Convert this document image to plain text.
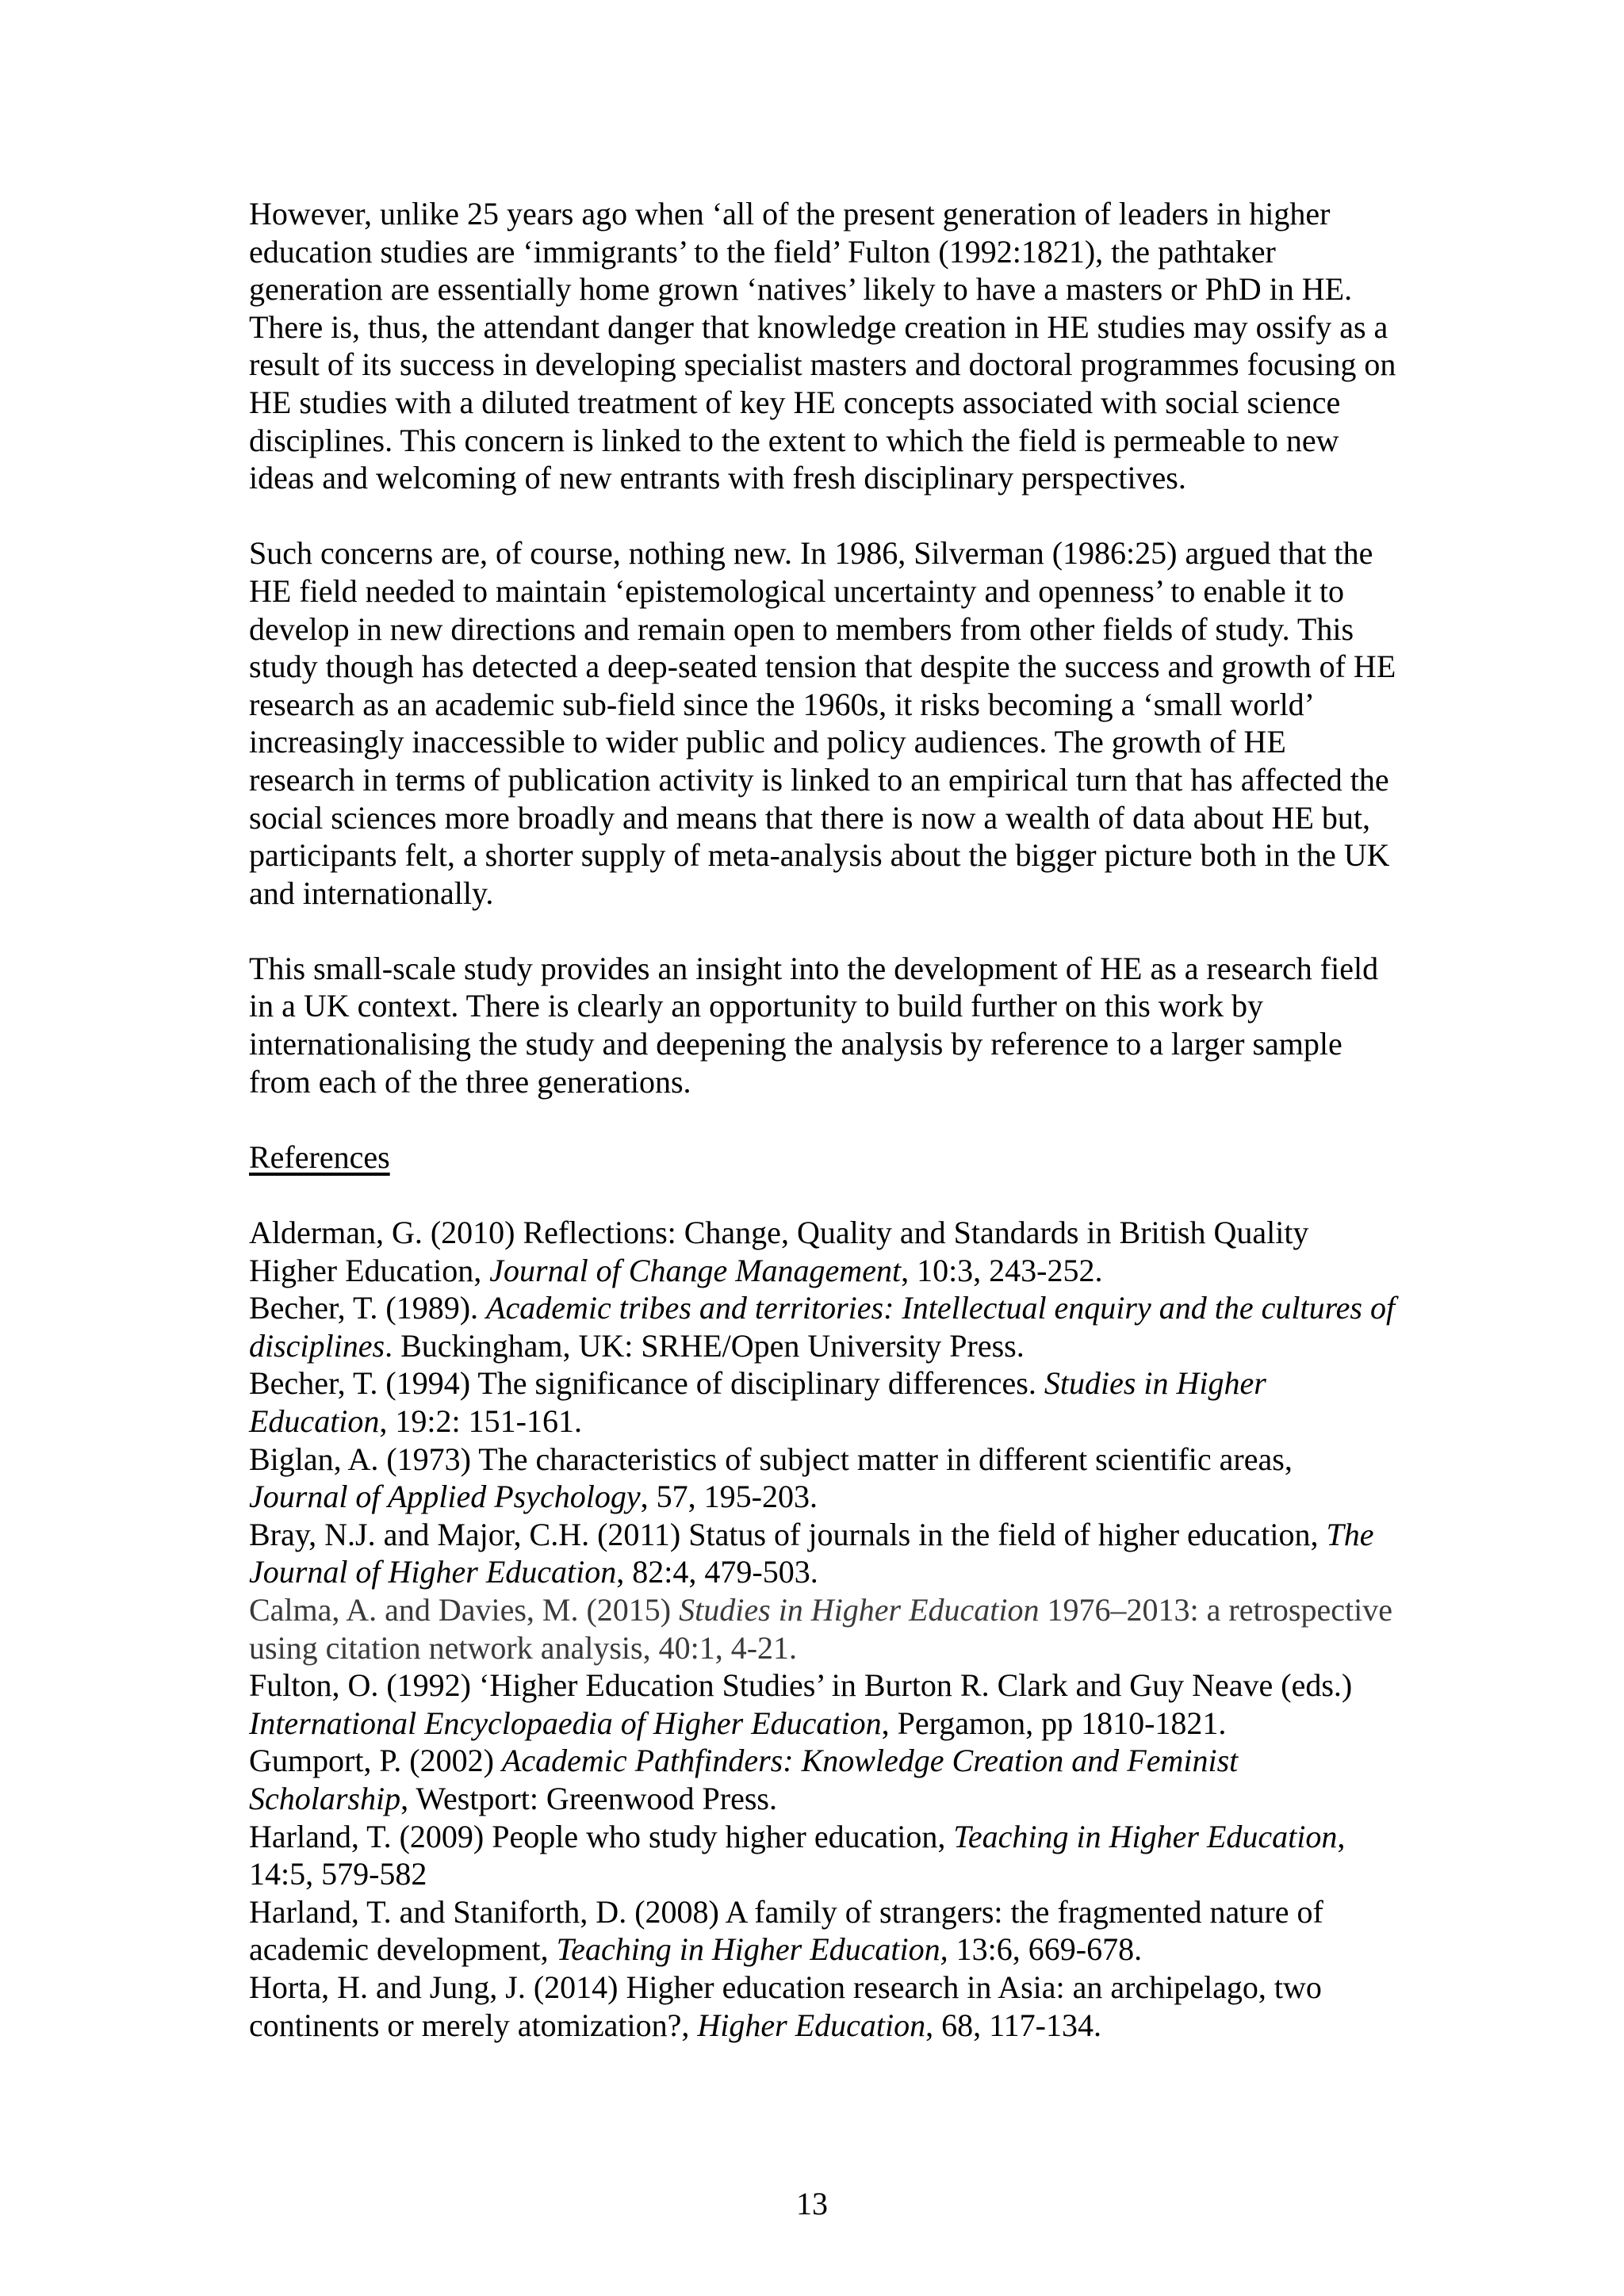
However, unlike 25 years ago when ‘all of the present generation of leaders in higher education studies are ‘immigrants’ to the field’ Fulton (1992:1821), the pathtaker generation are essentially home grown ‘natives’ likely to have a masters or PhD in HE. There is, thus, the attendant danger that knowledge creation in HE studies may ossify as a result of its success in developing specialist masters and doctoral programmes focusing on HE studies with a diluted treatment of key HE concepts associated with social science disciplines. This concern is linked to the extent to which the field is permeable to new ideas and welcoming of new entrants with fresh disciplinary perspectives.

Such concerns are, of course, nothing new. In 1986, Silverman (1986:25) argued that the HE field needed to maintain ‘epistemological uncertainty and openness’ to enable it to develop in new directions and remain open to members from other fields of study. This study though has detected a deep-seated tension that despite the success and growth of HE research as an academic sub-field since the 1960s, it risks becoming a ‘small world’ increasingly inaccessible to wider public and policy audiences. The growth of HE research in terms of publication activity is linked to an empirical turn that has affected the social sciences more broadly and means that there is now a wealth of data about HE but, participants felt, a shorter supply of meta-analysis about the bigger picture both in the UK and internationally.

This small-scale study provides an insight into the development of HE as a research field in a UK context. There is clearly an opportunity to build further on this work by internationalising the study and deepening the analysis by reference to a larger sample from each of the three generations.

References

Alderman, G. (2010) Reflections: Change, Quality and Standards in British Quality Higher Education, Journal of Change Management, 10:3, 243-252.

Becher, T. (1989). Academic tribes and territories: Intellectual enquiry and the cultures of disciplines. Buckingham, UK: SRHE/Open University Press.

Becher, T. (1994) The significance of disciplinary differences. Studies in Higher Education, 19:2: 151-161.

Biglan, A. (1973) The characteristics of subject matter in different scientific areas, Journal of Applied Psychology, 57, 195-203.

Bray, N.J. and Major, C.H. (2011) Status of journals in the field of higher education, The Journal of Higher Education, 82:4, 479-503.

Calma, A. and Davies, M. (2015) Studies in Higher Education 1976–2013: a retrospective using citation network analysis, 40:1, 4-21.

Fulton, O. (1992) ‘Higher Education Studies’ in Burton R. Clark and Guy Neave (eds.) International Encyclopaedia of Higher Education, Pergamon, pp 1810-1821.

Gumport, P. (2002) Academic Pathfinders: Knowledge Creation and Feminist Scholarship, Westport: Greenwood Press.

Harland, T. (2009) People who study higher education, Teaching in Higher Education, 14:5, 579-582

Harland, T. and Staniforth, D. (2008) A family of strangers: the fragmented nature of academic development, Teaching in Higher Education, 13:6, 669-678.

Horta, H. and Jung, J. (2014) Higher education research in Asia: an archipelago, two continents or merely atomization?, Higher Education, 68, 117-134.

13
